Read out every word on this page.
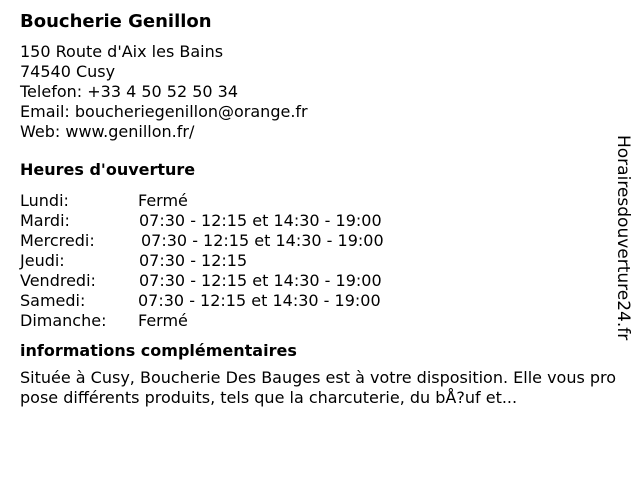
Boucherie Genillon
150 Route d'Aix les Bains
74540 Cusy
Telefon: +33 4 50 52 50 34
Email: boucheriegenillon@orange.fr
Web: www.genillon.fr/
Heures d'ouverture
Lundi:	Fermé
Mardi:	07:30 - 12:15 et 14:30 - 19:00
Mercredi:	07:30 - 12:15 et 14:30 - 19:00
Jeudi:	07:30 - 12:15
Vendredi:	07:30 - 12:15 et 14:30 - 19:00
Samedi:	07:30 - 12:15 et 14:30 - 19:00
Dimanche: Fermé
informations complémentaires
Située à Cusy, Boucherie Des Bauges est à votre disposition. Elle vous propose différents produits, tels que la charcuterie, du bÅ?uf et...
Horairesdouverture24.fr
